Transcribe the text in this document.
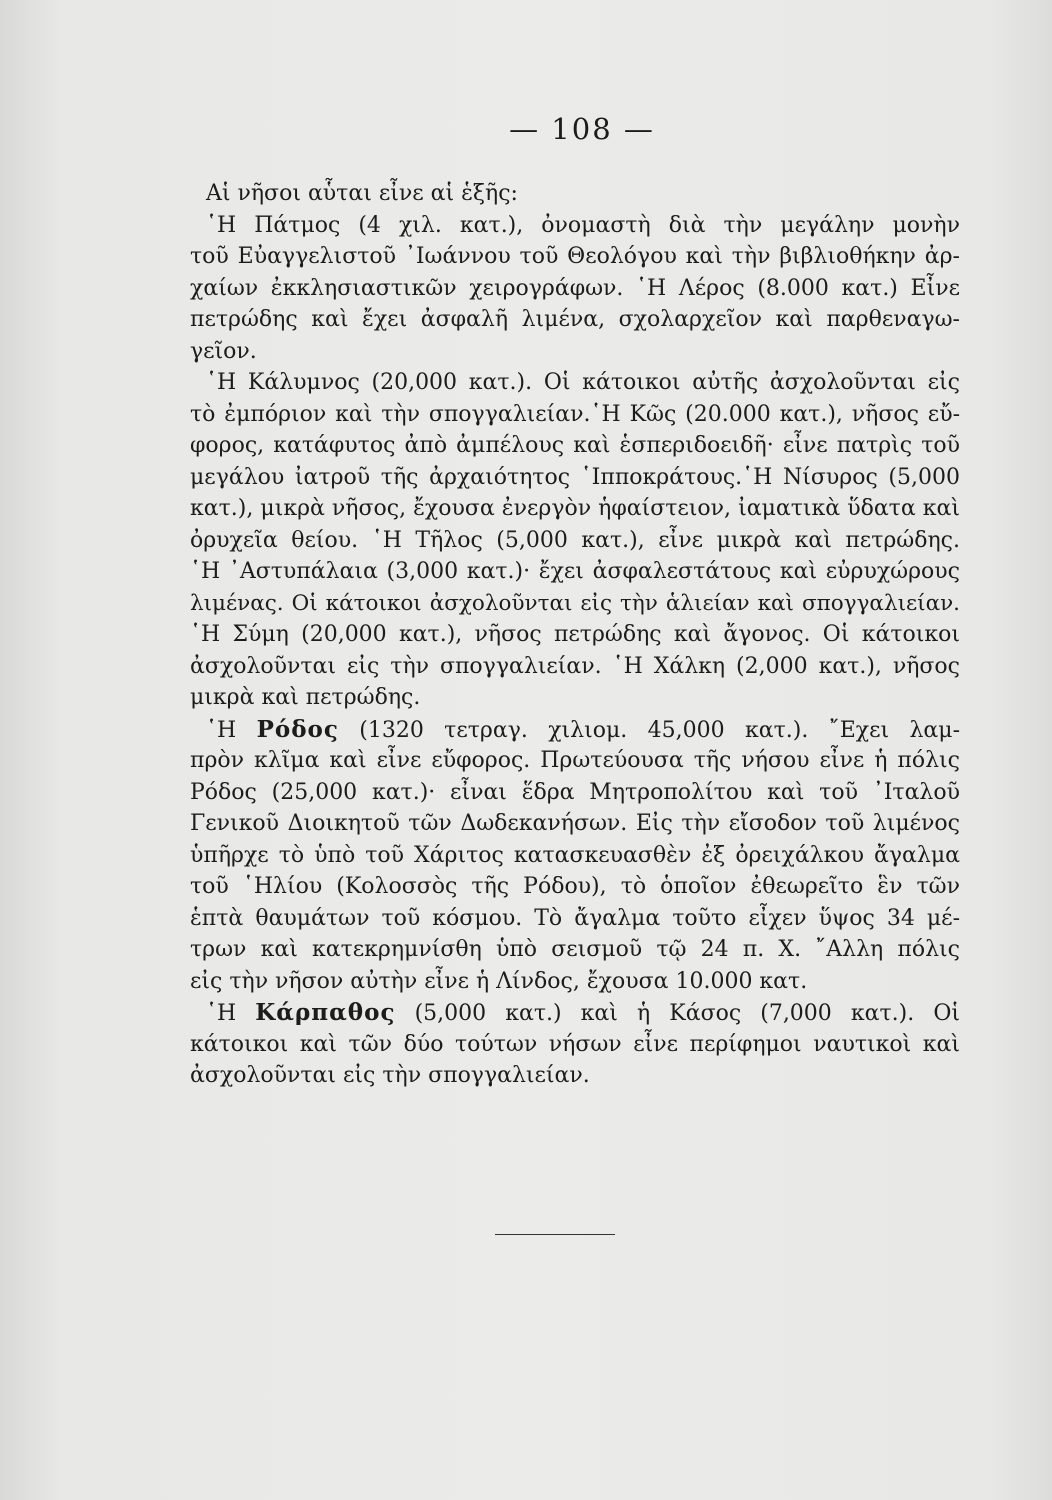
— 108 —
Αἱ νῆσοι αὗται εἶνε αἱ ἑξῆς:
῾Η Πάτμος (4 χιλ. κατ.), ὀνομαστὴ διὰ τὴν μεγάλην μονὴν
τοῦ Εὐαγγελιστοῦ ᾽Ιωάννου τοῦ Θεολόγου καὶ τὴν βιβλιοθήκην ἀρ-
χαίων ἐκκλησιαστικῶν χειρογράφων. ῾Η Λέρος (8.000 κατ.) Εἶνε
πετρώδης καὶ ἔχει ἀσφαλῆ λιμένα, σχολαρχεῖον καὶ παρθεναγω-
γεῖον.
῾Η Κάλυμνος (20,000 κατ.). Οἱ κάτοικοι αὐτῆς ἀσχολοῦνται εἰς
τὸ ἐμπόριον καὶ τὴν σπογγαλιείαν.῾Η Κῶς (20.000 κατ.), νῆσος εὔ-
φορος, κατάφυτος ἀπὸ ἀμπέλους καὶ ἑσπεριδοειδῆ· εἶνε πατρὶς τοῦ
μεγάλου ἰατροῦ τῆς ἀρχαιότητος ῾Ιπποκράτους.῾Η Νίσυρος (5,000
κατ.), μικρὰ νῆσος, ἔχουσα ἐνεργὸν ἡφαίστειον, ἰαματικὰ ὕδατα καὶ
ὀρυχεῖα θείου. ῾Η Τῆλος (5,000 κατ.), εἶνε μικρὰ καὶ πετρώδης.
῾Η ᾽Αστυπάλαια (3,000 κατ.)· ἔχει ἀσφαλεστάτους καὶ εὐρυχώρους
λιμένας. Οἱ κάτοικοι ἀσχολοῦνται εἰς τὴν ἁλιείαν καὶ σπογγαλιείαν.
῾Η Σύμη (20,000 κατ.), νῆσος πετρώδης καὶ ἄγονος. Οἱ κάτοικοι
ἀσχολοῦνται εἰς τὴν σπογγαλιείαν. ῾Η Χάλκη (2,000 κατ.), νῆσος
μικρὰ καὶ πετρώδης.
῾Η Ρόδος (1320 τετραγ. χιλιομ. 45,000 κατ.). ῎Εχει λαμ-
πρὸν κλῖμα καὶ εἶνε εὔφορος. Πρωτεύουσα τῆς νήσου εἶνε ἡ πόλις
Ρόδος (25,000 κατ.)· εἶναι ἕδρα Μητροπολίτου καὶ τοῦ ᾽Ιταλοῦ
Γενικοῦ Διοικητοῦ τῶν Δωδεκανήσων. Εἰς τὴν εἴσοδον τοῦ λιμένος
ὑπῆρχε τὸ ὑπὸ τοῦ Χάριτος κατασκευασθὲν ἐξ ὀρειχάλκου ἄγαλμα
τοῦ ῾Ηλίου (Κολοσσὸς τῆς Ρόδου), τὸ ὁποῖον ἐθεωρεῖτο ἓν τῶν
ἑπτὰ θαυμάτων τοῦ κόσμου. Τὸ ἄγαλμα τοῦτο εἶχεν ὕψος 34 μέ-
τρων καὶ κατεκρημνίσθη ὑπὸ σεισμοῦ τῷ 24 π. Χ. ῎Αλλη πόλις
εἰς τὴν νῆσον αὐτὴν εἶνε ἡ Λίνδος, ἔχουσα 10.000 κατ.
῾Η Κάρπαθος (5,000 κατ.) καὶ ἡ Κάσος (7,000 κατ.). Οἱ
κάτοικοι καὶ τῶν δύο τούτων νήσων εἶνε περίφημοι ναυτικοὶ καὶ
ἀσχολοῦνται εἰς τὴν σπογγαλιείαν.
